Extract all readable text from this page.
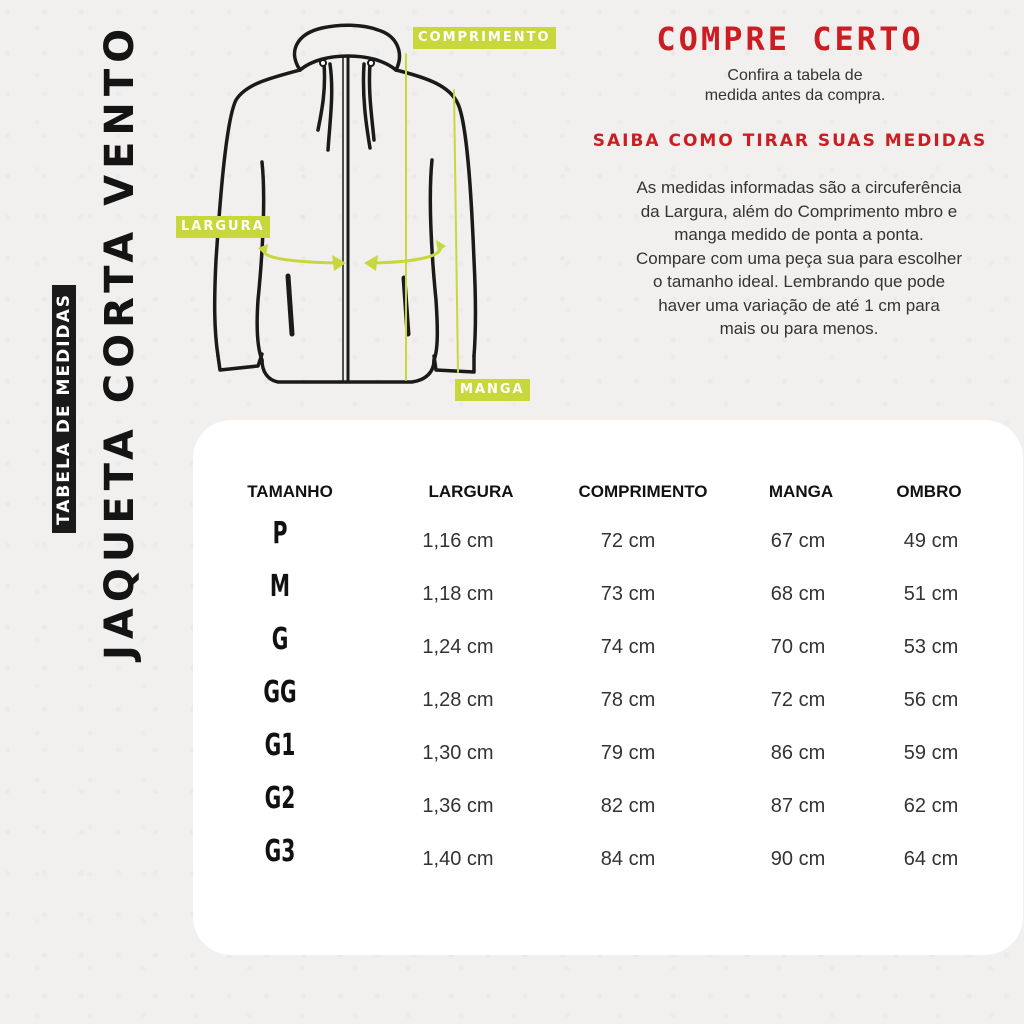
JAQUETA CORTA VENTO
TABELA DE MEDIDAS
COMPRIMENTO
LARGURA
MANGA
COMPRE CERTO
Confira a tabela de
medida antes da compra.
SAIBA COMO TIRAR SUAS MEDIDAS
As medidas informadas são a circuferência
da Largura, além do Comprimento mbro e
manga medido de ponta a ponta.
Compare com uma peça sua para escolher
o tamanho ideal. Lembrando que pode
haver uma variação de até 1 cm para
mais ou para menos.
TAMANHO	LARGURA	COMPRIMENTO	MANGA	OMBRO
P	1,16 cm	72 cm	67 cm	49 cm
M	1,18 cm	73 cm	68 cm	51 cm
G	1,24 cm	74 cm	70 cm	53 cm
GG	1,28 cm	78 cm	72 cm	56 cm
G1	1,30 cm	79 cm	86 cm	59 cm
G2	1,36 cm	82 cm	87 cm	62 cm
G3	1,40 cm	84 cm	90 cm	64 cm
